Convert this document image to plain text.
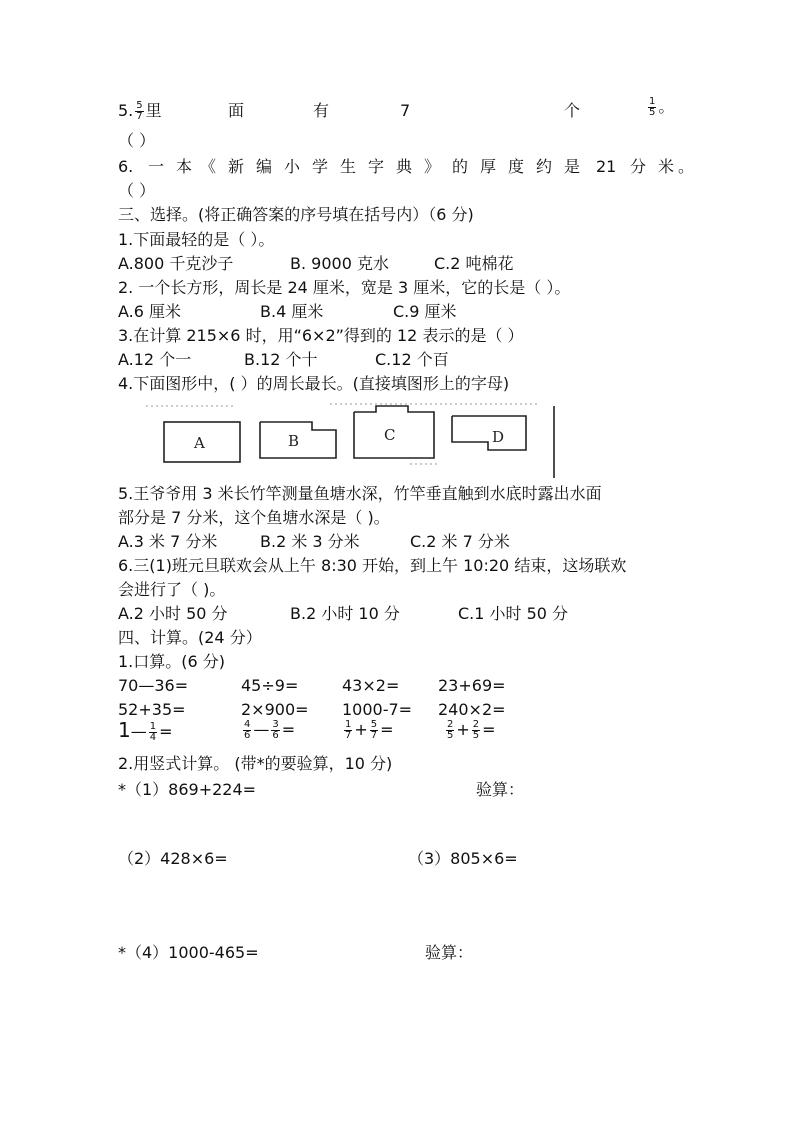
5. $\frac{5}{7}$ 里	面	有	7	个	$\frac{1}{5}$ 。
（ ）
6. 一 本 《 新 编 小 学 生 字 典 》 的 厚 度 约 是 21 分 米 。
（ ）
三、选择。(将正确答案的序号填在括号内）（6 分)
1.下面最轻的是（ ）。
A.800 千克沙子	B. 9000 克水	C.2 吨棉花
2. 一个长方形，周长是 24 厘米，宽是 3 厘米，它的长是（ ）。
A.6 厘米	B.4 厘米	C.9 厘米
3.在计算 215×6 时，用“6×2”得到的 12 表示的是（ ）
A.12 个一	B.12 个十	C.12 个百
4.下面图形中，( ）的周长最长。(直接填图形上的字母)
A	B	C	D
5.王爷爷用 3 米长竹竿测量鱼塘水深，竹竿垂直触到水底时露出水面
部分是 7 分米，这个鱼塘水深是（ )。
A.3 米 7 分米	B.2 米 3 分米	C.2 米 7 分米
6.三(1)班元旦联欢会从上午 8:30 开始，到上午 10:20 结束，这场联欢
会进行了（ )。
A.2 小时 50 分	B.2 小时 10 分	C.1 小时 50 分
四、计算。(24 分）
1.口算。(6 分)
70—36=	45÷9=	43×2= 23+69=
52+35=	2×900= 1000-7= 240×2=
1— $\frac{1}{4}$ =	$\frac{4}{6}$ — $\frac{3}{6}$ =	$\frac{1}{7} + \frac{5}{7}$ =	$\frac{2}{5} + \frac{2}{5}$ =
2.用竖式计算。 (带*的要验算，10 分)
*（1）869+224=	验算：
（2）428×6=	（3）805×6=
*（4）1000-465=	验算：
